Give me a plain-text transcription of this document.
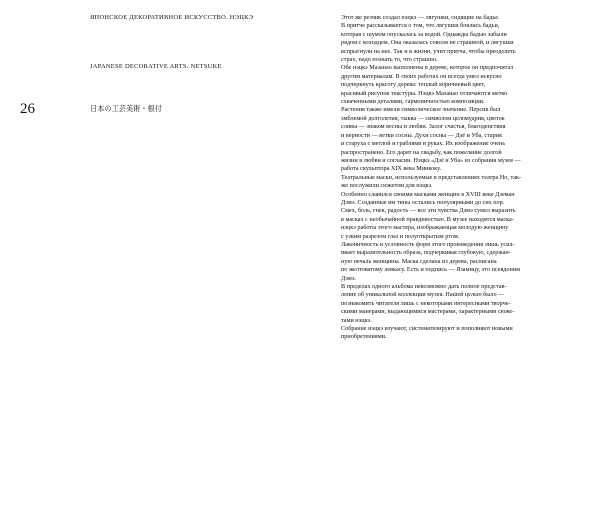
ЯПОНСКОЕ ДЕКОРАТИВНОЕ ИСКУССТВО. НЭЦКЭ
JAPANESE DECORATIVE ARTS. NETSUKE
26	日本の工芸美術・根付

Этот же резчик создал нэцкэ — лягушки, сидящие на бадье.
В притче рассказывается о том, что лягушки боялись бадьи,
которая с шумом опускалась за водой. Однажды бадью забыли
рядом с колодцем. Она оказалась совсем не страшной, и лягушки
вспрыгнули на нее. Так и в жизни, учит притча, чтобы преодолеть
страх, надо познать то, что страшно.

Обе нэцкэ Мазанао выполнены в дереве, которое он предпочитал
другим материалам. В своих работах он всегда умел искусно
подчеркнуть красоту дерева: теплый коричневый цвет,
красивый рисунок текстуры. Нэцкэ Мазанао отличаются метко
схваченными деталями, гармоничностью композиции.

Растения также имели символическое значение. Персик был
эмблемой долголетия, тыква — символом целомудрия, цветок
сливы — знаком весны и любви. Залог счастья, благоденствия
и верности — ветки сосны. Духи сосны — Дзё и Уба, старик
и старуха с метлой и граблями в руках. Их изображение очень
распространено. Его дарят на свадьбу, как пожелание долгой
жизни в любви и согласии. Нэцкэ «Дзё и Уба» из собрания музея —
работа скульптора XIX века Минкоку.

Театральные маски, используемые в представлениях театра Но, так-
же послужили сюжетом для нэцкэ.

Особенно славился своими масками женщин в XVIII веке Дземан
Дэмэ. Созданные им типы остались популярными до сих пор.

Смех, боль, гнев, радость — все эти чувства Дэмэ сумел выразить
в масках с необычайной правдивостью. В музее находятся маска-
нэцкэ работы этого мастера, изображающая молодую женщину
с узким разрезом глаз и полуоткрытым ртом.

Лаконичность и условность форм этого произведения лишь усил-
ивает выразительность образа, подчеркивая глубокую, сдержан-
ную печаль женщины. Маска сделана из дерева, расписана
по желтоватому левкасу. Есть и подпись — Язамицу, это псевдоним
Дэмэ.

В пределах одного альбома невозможно дать полное представ-
ление об уникальной коллекции музея. Нашей целью было —
познакомить читателя лишь с некоторыми интересными творче-
скими манерами, выдающимися мастерами, характерными сюже-
тами нэцкэ.

Собрание нэцкэ изучают, систематизируют и пополняют новыми
приобретениями.
